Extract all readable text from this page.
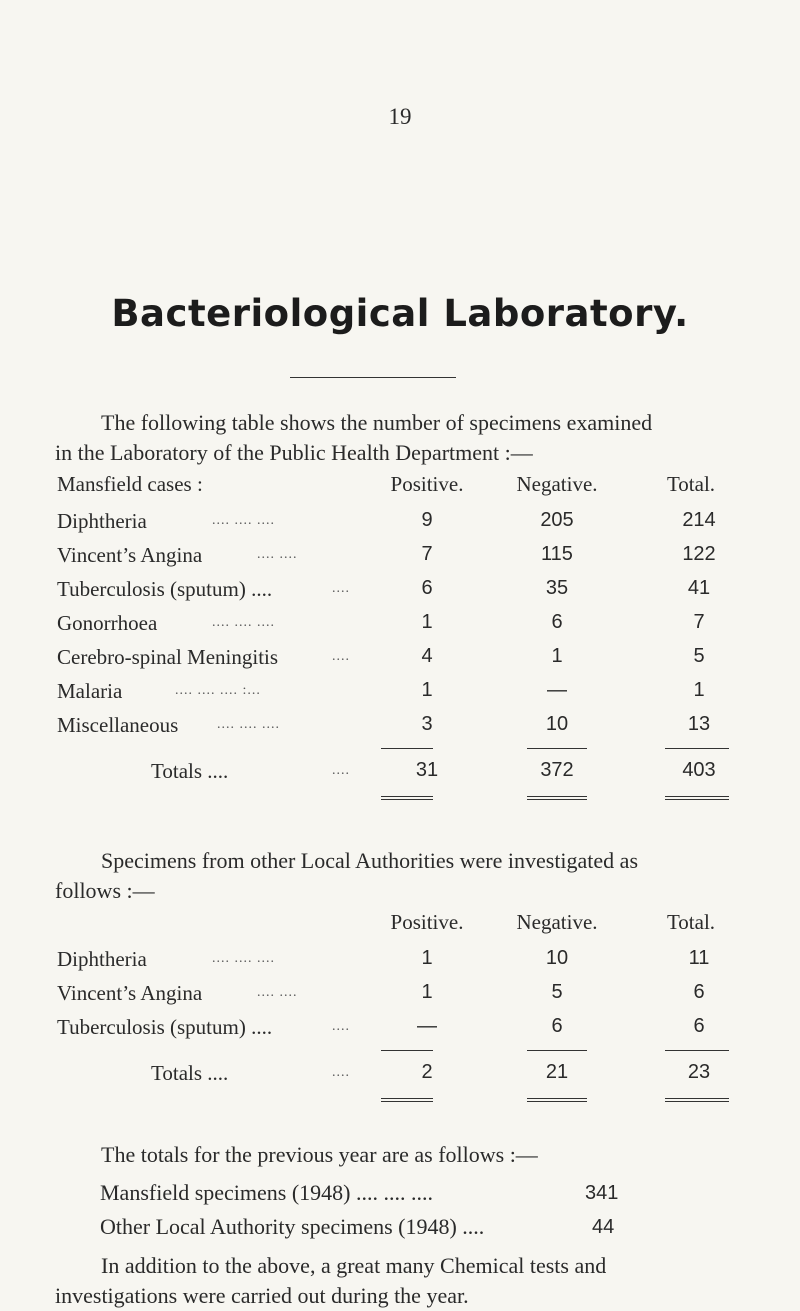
19
Bacteriological Laboratory.
The following table shows the number of specimens examined
in the Laboratory of the Public Health Department :—
Mansfield cases :	Positive.	Negative.	Total.
Diphtheria	.... .... ....	9	205	214
Vincent’s Angina	.... ....	7	115	122
Tuberculosis (sputum) ....	....	6	35	41
Gonorrhoea	.... .... ....	1	6	7
Cerebro-spinal Meningitis	....	4	1	5
Malaria	.... .... .... :...	1	—	1
Miscellaneous	.... .... ....	3	10	13
Totals ....	....	31	372	403
Specimens from other Local Authorities were investigated as
follows :—
Positive.	Negative.	Total.
Diphtheria	.... .... ....	1	10	11
Vincent’s Angina	.... ....	1	5	6
Tuberculosis (sputum) ....	....	—	6	6
Totals ....	....	2	21	23
The totals for the previous year are as follows :—
Mansfield specimens (1948) .... .... ....	341
Other Local Authority specimens (1948) ....	44
In addition to the above, a great many Chemical tests and
investigations were carried out during the year.
